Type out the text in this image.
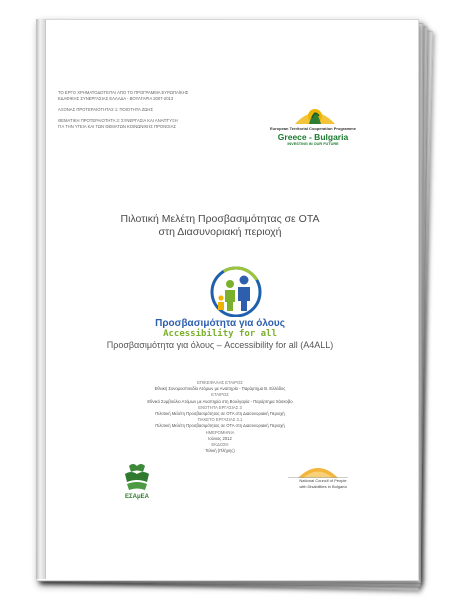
ΤΟ ΕΡΓΟ ΧΡΗΜΑΤΟΔΟΤΕΙΤΑΙ ΑΠΟ ΤΟ ΠΡΟΓΡΑΜΜΑ ΕΥΡΩΠΑΪΚΗΣ
ΕΔΑΦΙΚΗΣ ΣΥΝΕΡΓΑΣΙΑΣ ΕΛΛΑΔΑ - ΒΟΥΛΓΑΡΙΑ 2007-2013
ΑΞΟΝΑΣ ΠΡΟΤΕΡΑΙΟΤΗΤΑΣ 1: ΠΟΙΟΤΗΤΑ ΖΩΗΣ
ΘΕΜΑΤΙΚΗ ΠΡΟΤΕΡΑΙΟΤΗΤΑ 3: ΣΥΝΕΡΓΑΣΙΑ ΚΑΙ ΑΝΑΠΤΥΞΗ
ΓΙΑ ΤΗΝ ΥΓΕΙΑ ΚΑΙ ΤΩΝ ΘΕΜΑΤΩΝ ΚΟΙΝΩΝΙΚΗΣ ΠΡΟΝΟΙΑΣ	European Territorial Cooperation Programme
Greece - Bulgaria
INVESTING IN OUR FUTURE
Πιλοτική Μελέτη Προσβασιμότητας σε ΟΤΑ
στη Διασυνοριακή περιοχή
Προσβασιμότητα για όλους
Accessibility for all
Προσβασιμότητα για όλους – Accessibility for all (A4ALL)
ΕΠΙΚΕΦΑΛΗΣ ΕΤΑΙΡΟΣ
Εθνική Συνομοσπονδία Ατόμων με Αναπηρία - Παράρτημα Β. Ελλάδος
ΕΤΑΙΡΟΣ
Εθνικό Συμβούλιο Ατόμων με Αναπηρία στη Βουλγαρία - Παράρτημα Χάσκοβο
ΕΝΟΤΗΤΑ ΕΡΓΑΣΙΑΣ 3
Πιλοτική Μελέτη Προσβασιμότητας σε ΟΤΑ στη Διασυνοριακή Περιοχή
ΠΑΚΕΤΟ ΕΡΓΑΣΙΑΣ 3.1
Πιλοτική Μελέτη Προσβασιμότητας σε ΟΤΑ στη Διασυνοριακή Περιοχή
ΗΜΕΡΟΜΗΝΙΑ
Ιούνιος 2012
ΕΚΔΟΣΗ
Τελική (Πλήρης)
ΕΣΑμΕΑ
National Council of People
with Disabilities in Bulgaria
